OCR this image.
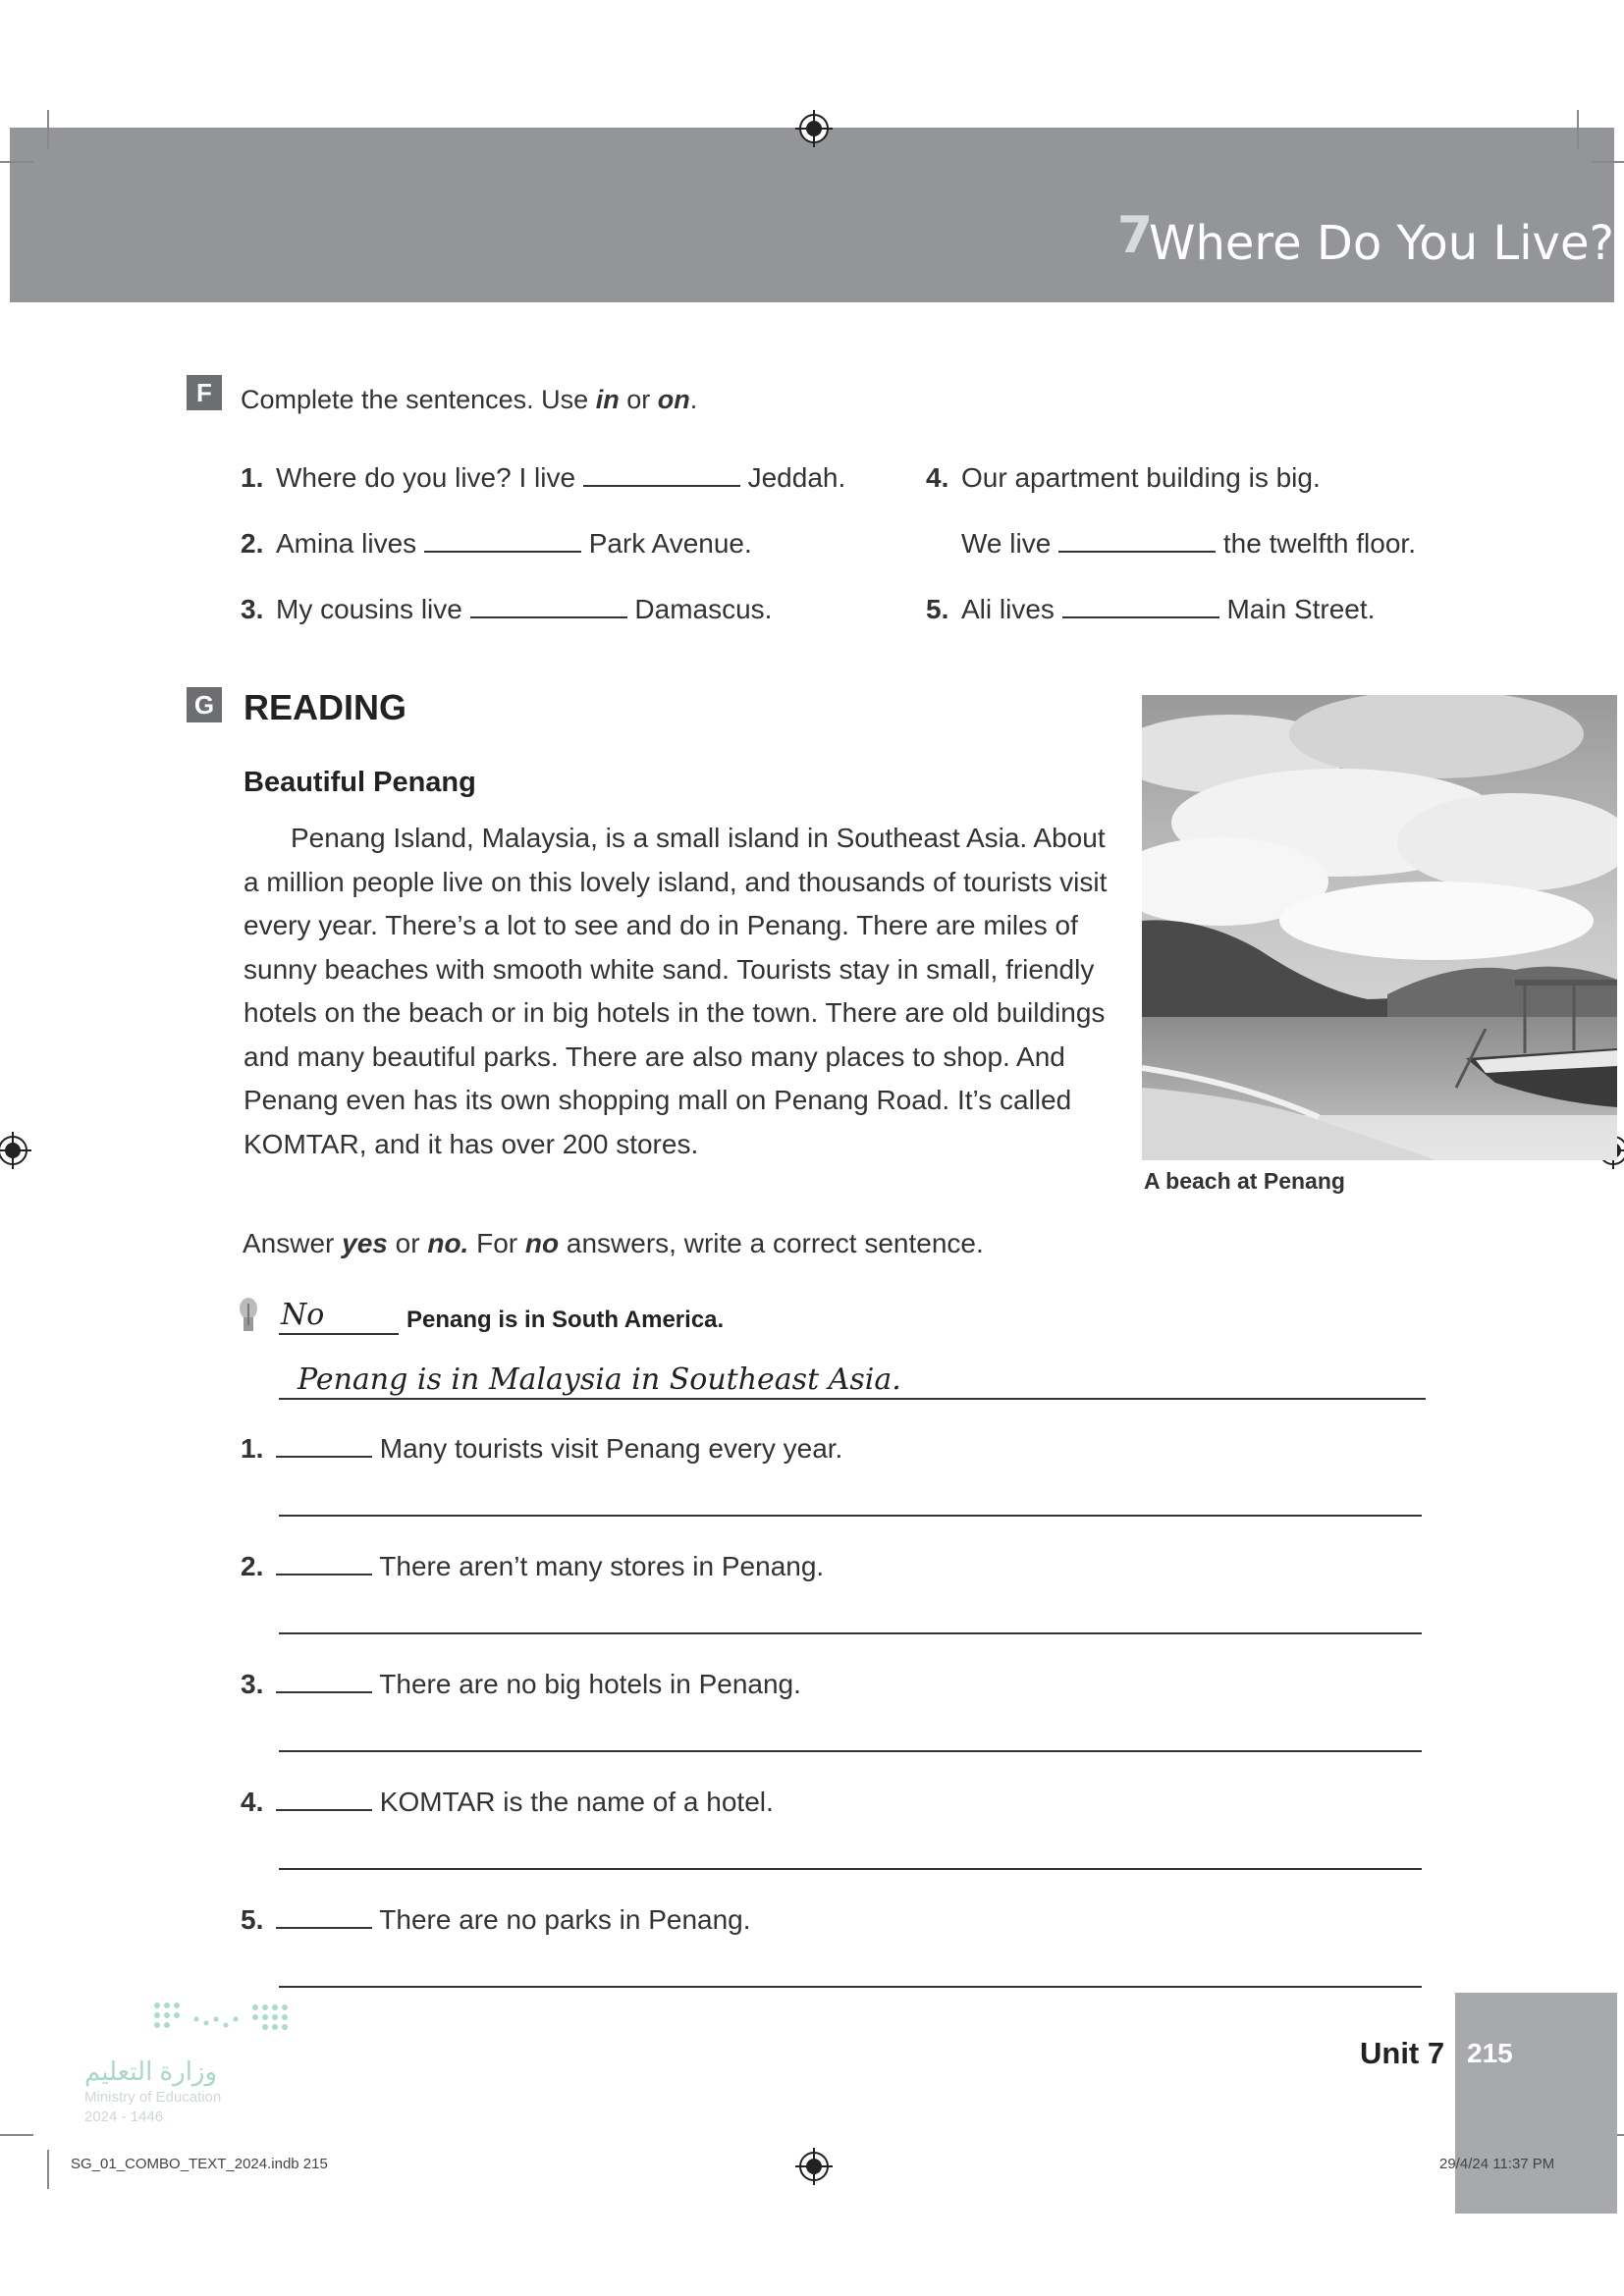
7
Where Do You Live?
F	Complete the sentences. Use in or on.
1. Where do you live? I live	Jeddah.
2. Amina lives	Park Avenue.
3. My cousins live	Damascus.
4. Our apartment building is big.
We live	the twelfth floor.
5. Ali lives	Main Street.
G READING
Beautiful Penang
Penang Island, Malaysia, is a small island in Southeast Asia. About a million people live on this lovely island, and thousands of tourists visit every year. There’s a lot to see and do in Penang. There are miles of sunny beaches with smooth white sand. Tourists stay in small, friendly hotels on the beach or in big hotels in the town. There are old buildings and many beautiful parks. There are also many places to shop. And Penang even has its own shopping mall on Penang Road. It’s called KOMTAR, and it has over 200 stores.
A beach at Penang
Answer yes or no. For no answers, write a correct sentence.
No	Penang is in South America.
Penang is in Malaysia in Southeast Asia.
1.	Many tourists visit Penang every year.
2.	There aren’t many stores in Penang.
3.	There are no big hotels in Penang.
4.	KOMTAR is the name of a hotel.
5.	There are no parks in Penang.
وزارة التعليم
Ministry of Education
2024 - 1446
215
Unit 7
SG_01_COMBO_TEXT_2024.indb 215	29/4/24 11:37 PM
